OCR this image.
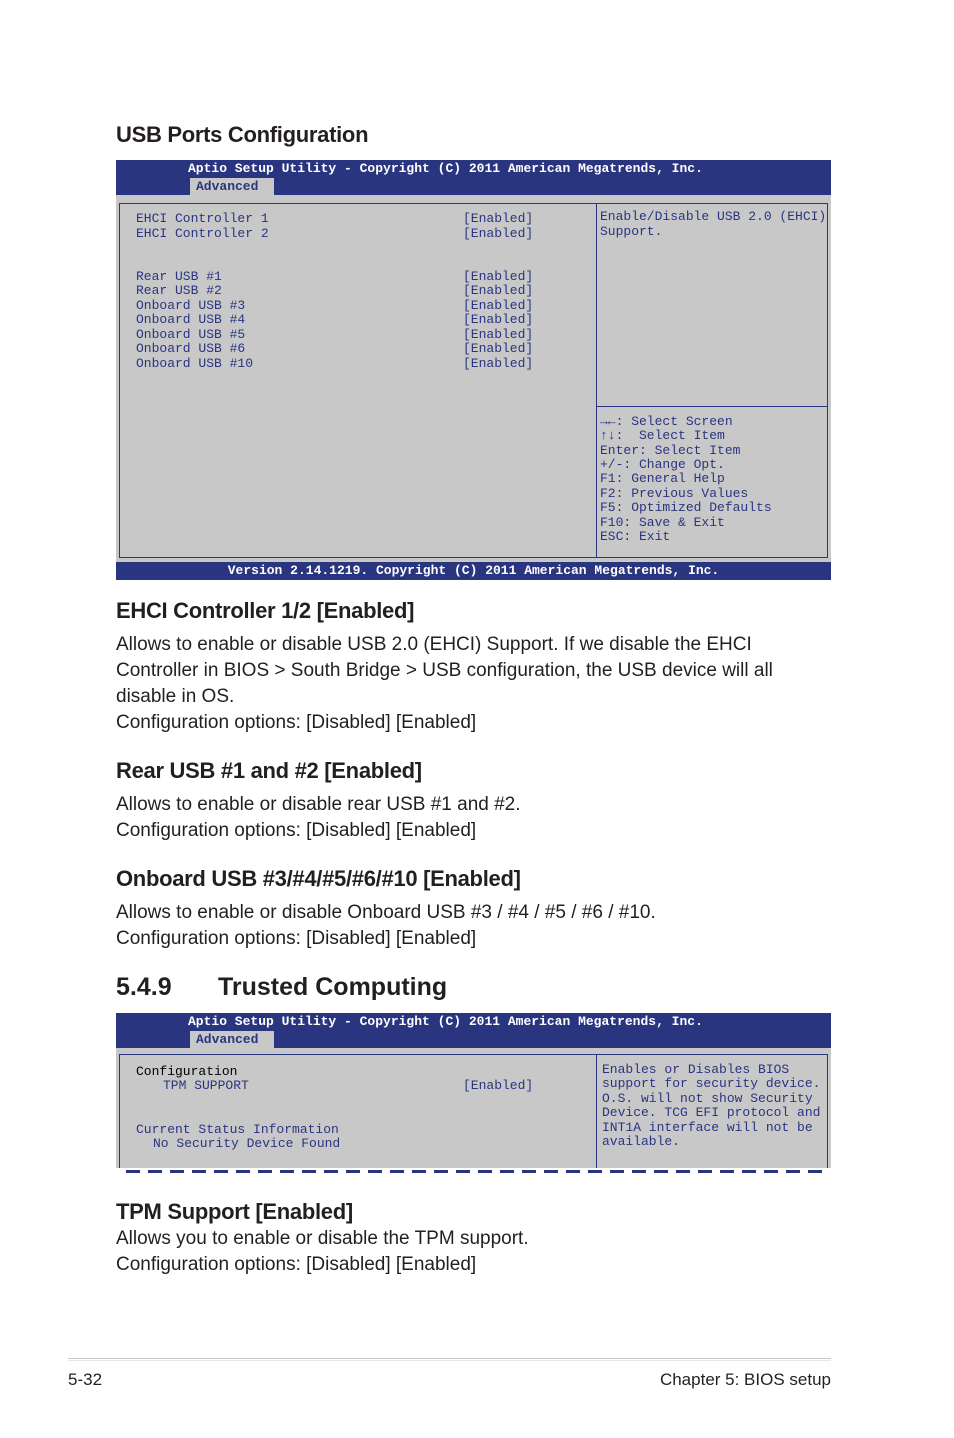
USB Ports Configuration
Aptio Setup Utility - Copyright (C) 2011 American Megatrends, Inc.
Advanced
EHCI Controller 1	[Enabled]
EHCI Controller 2	[Enabled]
Rear USB #1	[Enabled]
Rear USB #2	[Enabled]
Onboard USB #3	[Enabled]
Onboard USB #4	[Enabled]
Onboard USB #5	[Enabled]
Onboard USB #6	[Enabled]
Onboard USB #10	[Enabled]
Enable/Disable USB 2.0 (EHCI)
Support.
→←: Select Screen
↑↓:  Select Item
Enter: Select Item
+/-: Change Opt.
F1: General Help
F2: Previous Values
F5: Optimized Defaults
F10: Save & Exit
ESC: Exit
Version 2.14.1219. Copyright (C) 2011 American Megatrends, Inc.
EHCI Controller 1/2 [Enabled]
Allows to enable or disable USB 2.0 (EHCI) Support. If we disable the EHCI
Controller in BIOS > South Bridge > USB configuration, the USB device will all
disable in OS.
Configuration options: [Disabled] [Enabled]
Rear USB #1 and #2 [Enabled]
Allows to enable or disable rear USB #1 and #2.
Configuration options: [Disabled] [Enabled]
Onboard USB #3/#4/#5/#6/#10 [Enabled]
Allows to enable or disable Onboard USB #3 / #4 / #5 / #6 / #10.
Configuration options: [Disabled] [Enabled]
5.4.9 Trusted Computing
Aptio Setup Utility - Copyright (C) 2011 American Megatrends, Inc.
Advanced
Configuration
TPM SUPPORT	[Enabled]
Current Status Information
No Security Device Found
Enables or Disables BIOS
support for security device.
O.S. will not show Security
Device. TCG EFI protocol and
INT1A interface will not be
available.
TPM Support [Enabled]
Allows you to enable or disable the TPM support.
Configuration options: [Disabled] [Enabled]
5-32	Chapter 5: BIOS setup
